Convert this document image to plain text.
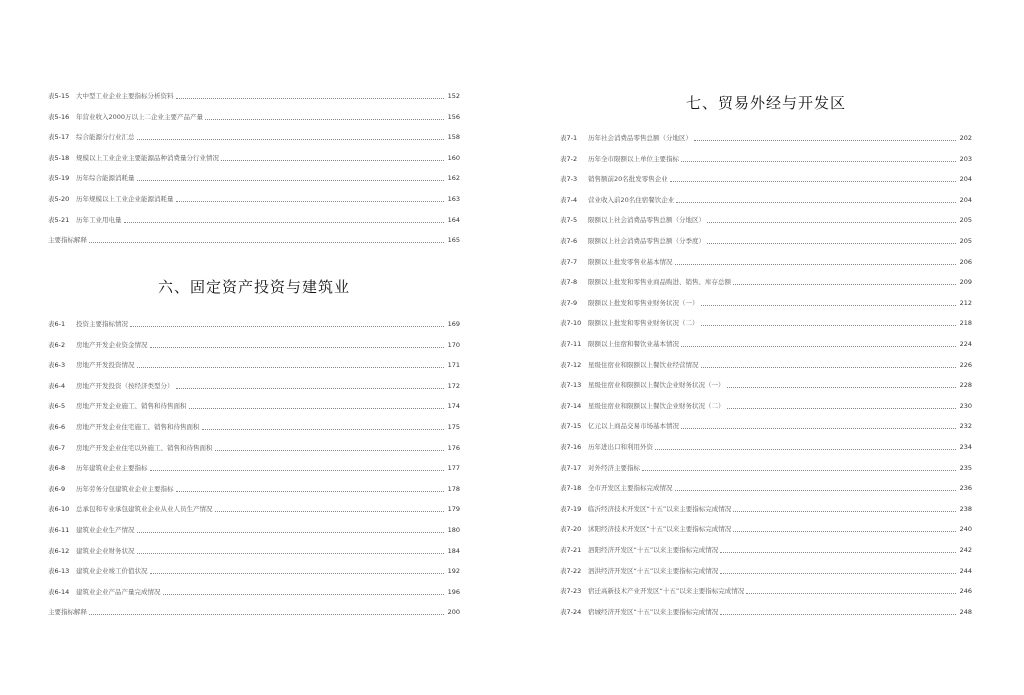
表5-15	大中型工业企业主要指标分析资料	152
表5-16	年营业收入2000万以上二企业主要产品产量	156
表5-17	综合能源分行业汇总	158
表5-18	规模以上工业企业主要能源品种消费量分行业情况	160
表5-19	历年综合能源消耗量	162
表5-20	历年规模以上工业企业能源消耗量	163
表5-21	历年工业用电量	164
主要指标解释	165
六、固定资产投资与建筑业
表6-1	投资主要指标情况	169
表6-2	房地产开发企业资金情况	170
表6-3	房地产开发投资情况	171
表6-4	房地产开发投资（按经济类型分）	172
表6-5	房地产开发企业施工、销售和待售面积	174
表6-6	房地产开发企业住宅施工、销售和待售面积	175
表6-7	房地产开发企业住宅以外施工、销售和待售面积	176
表6-8	历年建筑业企业主要指标	177
表6-9	历年劳务分包建筑业企业主要指标	178
表6-10	总承包和专业承包建筑业企业从业人员生产情况	179
表6-11	建筑业企业生产情况	180
表6-12	建筑业企业财务状况	184
表6-13	建筑业企业竣工价值状况	192
表6-14	建筑业企业产品产量完成情况	196
主要指标解释	200
七、贸易外经与开发区
表7-1	历年社会消费品零售总额（分地区）	202
表7-2	历年全市限额以上单位主要指标	203
表7-3	销售额前20名批发零售企业	204
表7-4	营业收入前20名住宿餐饮企业	204
表7-5	限额以上社会消费品零售总额（分地区）	205
表7-6	限额以上社会消费品零售总额（分季度）	205
表7-7	限额以上批发零售业基本情况	206
表7-8	限额以上批发和零售业商品购进、销售、库存总额	209
表7-9	限额以上批发和零售业财务状况（一）	212
表7-10	限额以上批发和零售业财务状况（二）	218
表7-11	限额以上住宿和餐饮业基本情况	224
表7-12	星级住宿业和限额以上餐饮业经营情况	226
表7-13	星级住宿业和限额以上餐饮企业财务状况（一）	228
表7-14	星级住宿业和限额以上餐饮企业财务状况（二）	230
表7-15	亿元以上商品交易市场基本情况	232
表7-16	历年进出口和利用外资	234
表7-17	对外经济主要指标	235
表7-18	全市开发区主要指标完成情况	236
表7-19	临沂经济技术开发区“十五”以来主要指标完成情况	238
表7-20	沭阳经济技术开发区“十五”以来主要指标完成情况	240
表7-21	泗阳经济开发区“十五”以来主要指标完成情况	242
表7-22	泗洪经济开发区“十五”以来主要指标完成情况	244
表7-23	宿迁高新技术产业开发区“十五”以来主要指标完成情况	246
表7-24	宿城经济开发区“十五”以来主要指标完成情况	248
